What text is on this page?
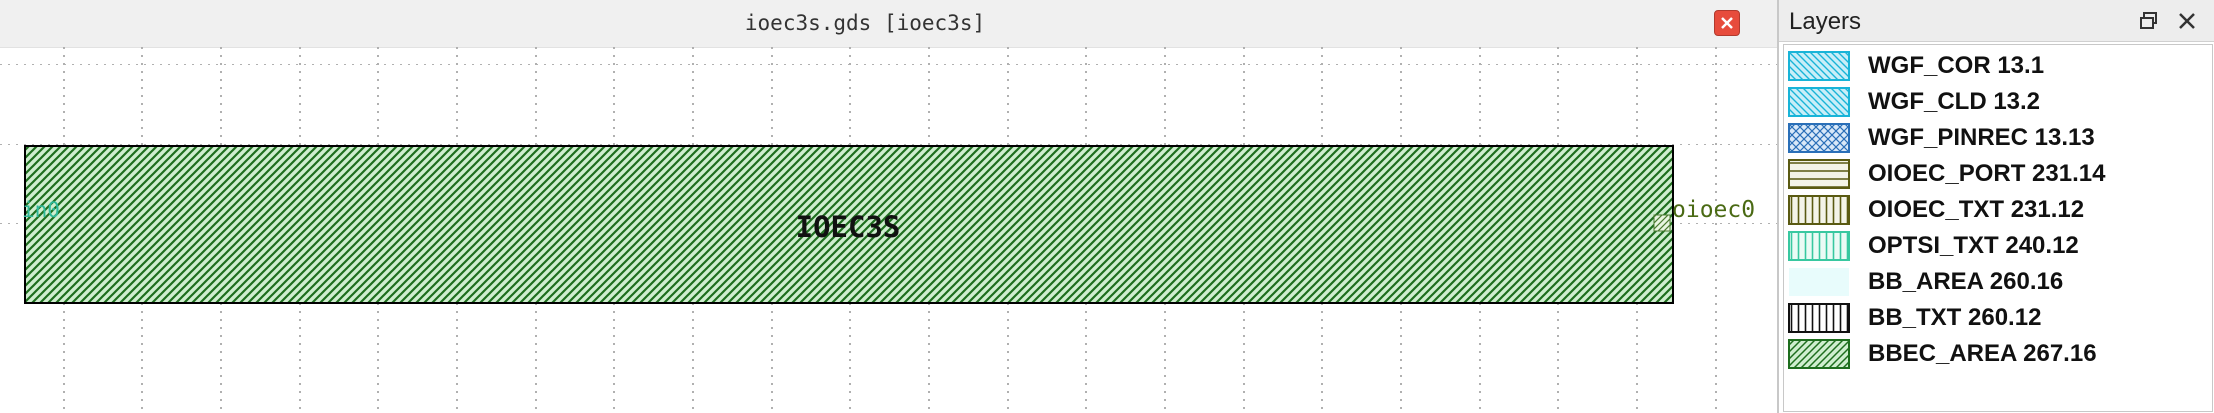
ioec3s.gds [ioec3s]
IOEC3S
in0	oioec0
Layers
WGF_COR 13.1
WGF_CLD 13.2
WGF_PINREC 13.13
OIOEC_PORT 231.14
OIOEC_TXT 231.12
OPTSI_TXT 240.12
BB_AREA 260.16
BB_TXT 260.12
BBEC_AREA 267.16
